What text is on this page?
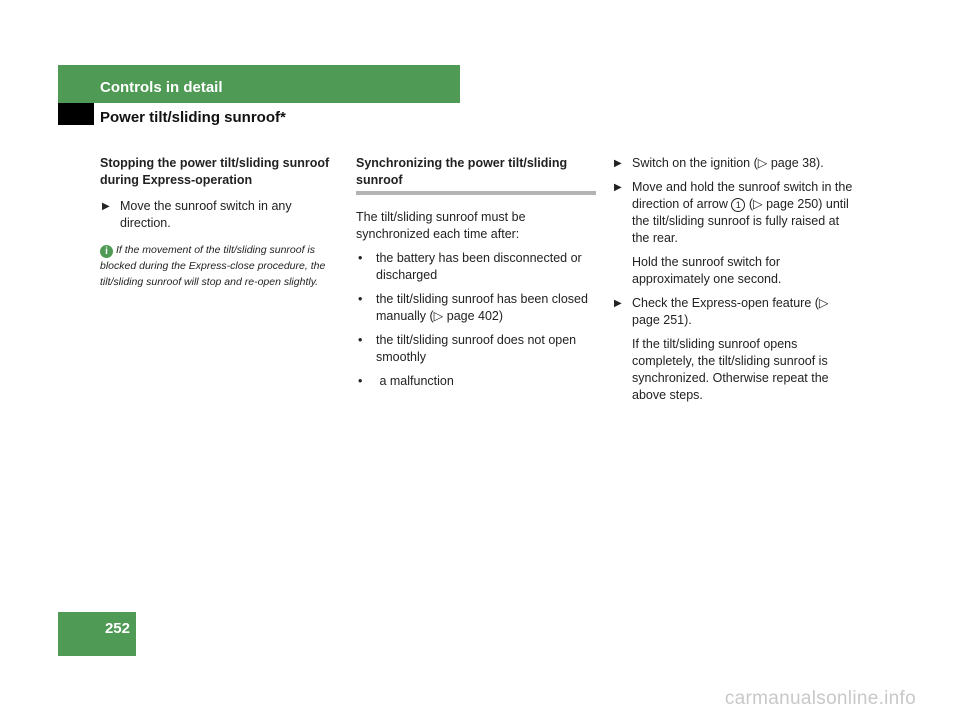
Controls in detail
Power tilt/sliding sunroof*

Stopping the power tilt/sliding sunroof during Express-operation

▶ Move the sunroof switch in any direction.
i If the movement of the tilt/sliding sunroof is blocked during the Express-close procedure, the tilt/sliding sunroof will stop and re-open slightly.

Synchronizing the power tilt/sliding sunroof

The tilt/sliding sunroof must be synchronized each time after:

• the battery has been disconnected or discharged
• the tilt/sliding sunroof has been closed manually (▷ page 402)
• the tilt/sliding sunroof does not open smoothly
• a malfunction
▶ Switch on the ignition (▷ page 38).
▶ Move and hold the sunroof switch in the direction of arrow 1 (▷ page 250) until the tilt/sliding sunroof is fully raised at the rear.

Hold the sunroof switch for approximately one second.

▶ Check the Express-open feature (▷ page 251).

If the tilt/sliding sunroof opens completely, the tilt/sliding sunroof is synchronized. Otherwise repeat the above steps.

252
carmanualsonline.info
